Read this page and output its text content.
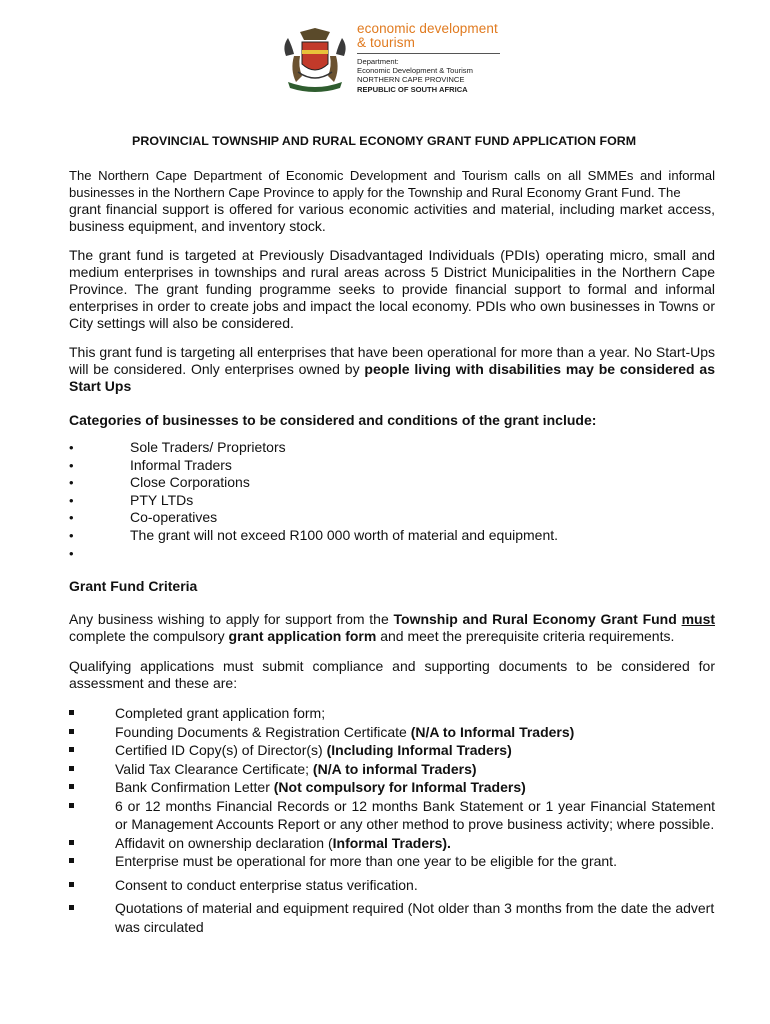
economic development
& tourism
Department:
Economic Development & Tourism
NORTHERN CAPE PROVINCE
REPUBLIC OF SOUTH AFRICA
PROVINCIAL TOWNSHIP AND RURAL ECONOMY GRANT FUND APPLICATION FORM

The Northern Cape Department of Economic Development and Tourism calls on all SMMEs and informal businesses in the Northern Cape Province to apply for the Township and Rural Economy Grant Fund. The

grant financial support is offered for various economic activities and material, including market access, business equipment, and inventory stock.

The grant fund is targeted at Previously Disadvantaged Individuals (PDIs) operating micro, small and medium enterprises in townships and rural areas across 5 District Municipalities in the Northern Cape Province. The grant funding programme seeks to provide financial support to formal and informal enterprises in order to create jobs and impact the local economy. PDIs who own businesses in Towns or City settings will also be considered.

This grant fund is targeting all enterprises that have been operational for more than a year. No Start-Ups will be considered. Only enterprises owned by people living with disabilities may be considered as Start Ups

Categories of businesses to be considered and conditions of the grant include:
•	Sole Traders/ Proprietors
•	Informal Traders
•	Close Corporations
•	PTY LTDs
•	Co-operatives
•	The grant will not exceed R100 000 worth of material and equipment.
•
Grant Fund Criteria

Any business wishing to apply for support from the Township and Rural Economy Grant Fund must complete the compulsory grant application form and meet the prerequisite criteria requirements.

Qualifying applications must submit compliance and supporting documents to be considered for assessment and these are:

Completed grant application form;
Founding Documents & Registration Certificate (N/A to Informal Traders)
Certified ID Copy(s) of Director(s) (Including Informal Traders)
Valid Tax Clearance Certificate; (N/A to informal Traders)
Bank Confirmation Letter (Not compulsory for Informal Traders)
6 or 12 months Financial Records or 12 months Bank Statement or 1 year Financial Statement or Management Accounts Report or any other method to prove business activity; where possible.
Affidavit on ownership declaration (Informal Traders).
Enterprise must be operational for more than one year to be eligible for the grant.
Consent to conduct enterprise status verification.
Quotations of material and equipment required (Not older than 3 months from the date the advert was circulated
